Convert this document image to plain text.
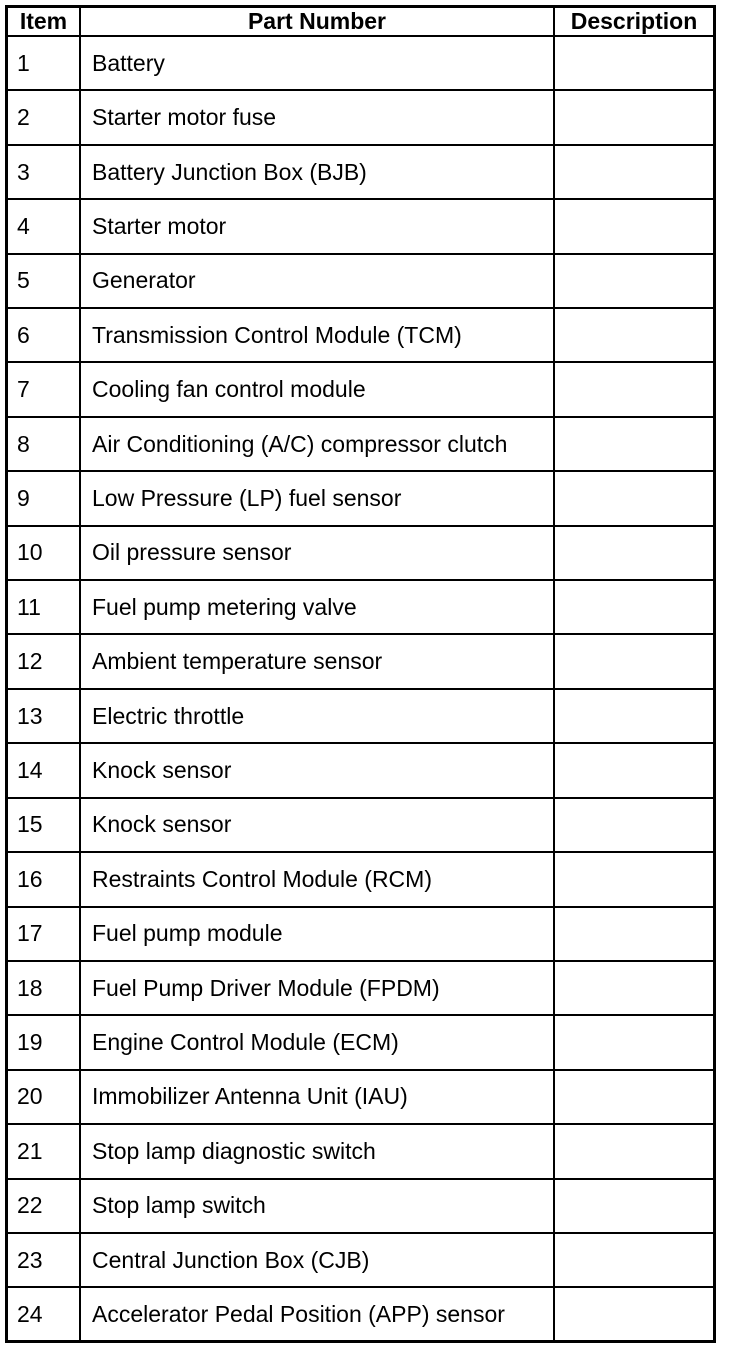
Item	Part Number	Description
1	Battery	
2	Starter motor fuse	
3	Battery Junction Box (BJB)	
4	Starter motor	
5	Generator	
6	Transmission Control Module (TCM)	
7	Cooling fan control module	
8	Air Conditioning (A/C) compressor clutch	
9	Low Pressure (LP) fuel sensor	
10	Oil pressure sensor	
11	Fuel pump metering valve	
12	Ambient temperature sensor	
13	Electric throttle	
14	Knock sensor	
15	Knock sensor	
16	Restraints Control Module (RCM)	
17	Fuel pump module	
18	Fuel Pump Driver Module (FPDM)	
19	Engine Control Module (ECM)	
20	Immobilizer Antenna Unit (IAU)	
21	Stop lamp diagnostic switch	
22	Stop lamp switch	
23	Central Junction Box (CJB)	
24	Accelerator Pedal Position (APP) sensor	
